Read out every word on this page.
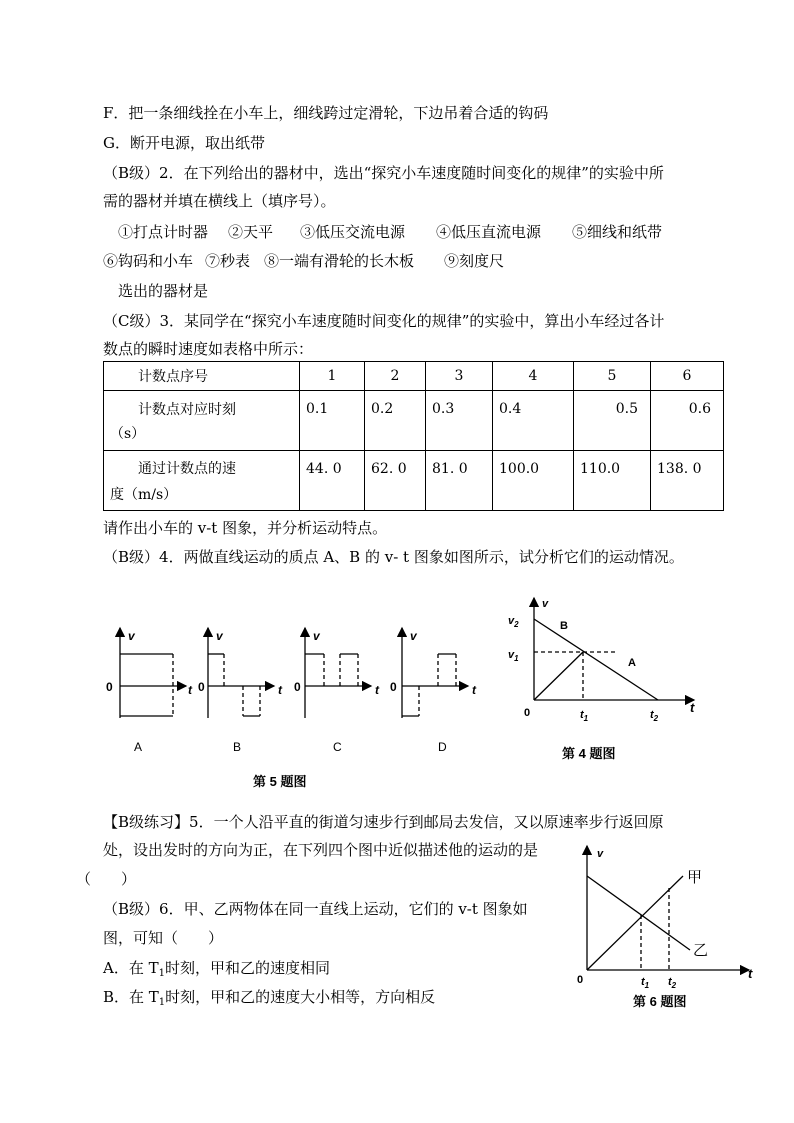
F．把一条细线拴在小车上，细线跨过定滑轮，下边吊着合适的钩码
G．断开电源，取出纸带
（B级）2．在下列给出的器材中，选出“探究小车速度随时间变化的规律”的实验中所
需的器材并填在横线上（填序号）。
①打点计时器 ②天平 ③低压交流电源 ④低压直流电源 ⑤细线和纸带
⑥钩码和小车 ⑦秒表 ⑧一端有滑轮的长木板 ⑨刻度尺
选出的器材是
（C级）3．某同学在“探究小车速度随时间变化的规律”的实验中，算出小车经过各计
数点的瞬时速度如表格中所示：
计数点序号	1	2	3	4	5	6

计数点对应时刻
（s）	0.1	0.2	0.3	0.4	0.5	0.6

通过计数点的速
度（m/s）	44. 0	62. 0	81. 0	100.0	110.0	138. 0
请作出小车的 v-t 图象，并分析运动特点。
（B级）4．两做直线运动的质点 A、B 的 v- t 图象如图所示，试分析它们的运动情况。
v	v	v	v
t	t	t	t
0	0	0	0
A	B	C	D
第 5 题图
v
$v_2$
$v_1$
B
A
0	$t_1$	$t_2$
t
第 4 题图
【B级练习】5．一个人沿平直的街道匀速步行到邮局去发信，又以原速率步行返回原
处，设出发时的方向为正，在下列四个图中近似描述他的运动的是
（　　）
（B级）6．甲、乙两物体在同一直线上运动，它们的 v-t 图象如
图，可知（　　）
A．在 $T_1$时刻，甲和乙的速度相同
B．在 $T_1$时刻，甲和乙的速度大小相等，方向相反
v
0	$t_1$ $t_2$
t
甲
乙
第 6 题图
